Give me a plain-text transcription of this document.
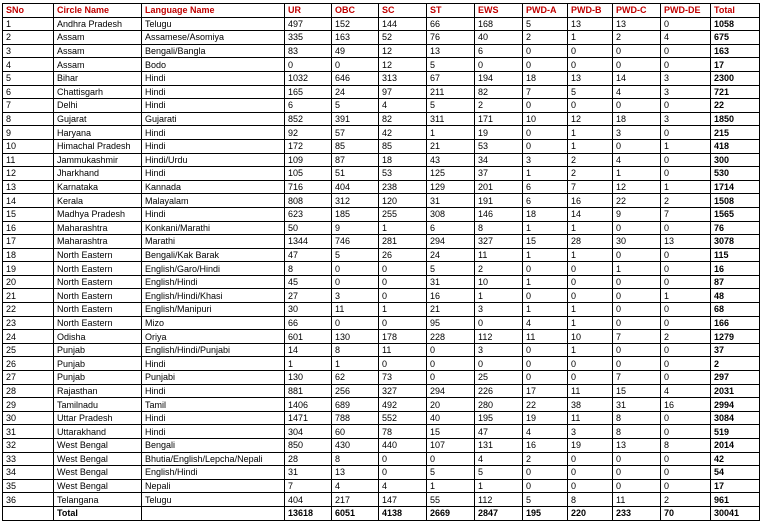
SNo	Circle Name	Language Name	UR	OBC	SC	ST	EWS	PWD-A	PWD-B	PWD-C	PWD-DE	Total
1	Andhra Pradesh	Telugu	497	152	144	66	168	5	13	13	0	1058
2	Assam	Assamese/Asomiya	335	163	52	76	40	2	1	2	4	675
3	Assam	Bengali/Bangla	83	49	12	13	6	0	0	0	0	163
4	Assam	Bodo	0	0	12	5	0	0	0	0	0	17
5	Bihar	Hindi	1032	646	313	67	194	18	13	14	3	2300
6	Chattisgarh	Hindi	165	24	97	211	82	7	5	4	3	721
7	Delhi	Hindi	6	5	4	5	2	0	0	0	0	22
8	Gujarat	Gujarati	852	391	82	311	171	10	12	18	3	1850
9	Haryana	Hindi	92	57	42	1	19	0	1	3	0	215
10	Himachal Pradesh	Hindi	172	85	85	21	53	0	1	0	1	418
11	Jammukashmir	Hindi/Urdu	109	87	18	43	34	3	2	4	0	300
12	Jharkhand	Hindi	105	51	53	125	37	1	2	1	0	530
13	Karnataka	Kannada	716	404	238	129	201	6	7	12	1	1714
14	Kerala	Malayalam	808	312	120	31	191	6	16	22	2	1508
15	Madhya Pradesh	Hindi	623	185	255	308	146	18	14	9	7	1565
16	Maharashtra	Konkani/Marathi	50	9	1	6	8	1	1	0	0	76
17	Maharashtra	Marathi	1344	746	281	294	327	15	28	30	13	3078
18	North Eastern	Bengali/Kak Barak	47	5	26	24	11	1	1	0	0	115
19	North Eastern	English/Garo/Hindi	8	0	0	5	2	0	0	1	0	16
20	North Eastern	English/Hindi	45	0	0	31	10	1	0	0	0	87
21	North Eastern	English/Hindi/Khasi	27	3	0	16	1	0	0	0	1	48
22	North Eastern	English/Manipuri	30	11	1	21	3	1	1	0	0	68
23	North Eastern	Mizo	66	0	0	95	0	4	1	0	0	166
24	Odisha	Oriya	601	130	178	228	112	11	10	7	2	1279
25	Punjab	English/Hindi/Punjabi	14	8	11	0	3	0	1	0	0	37
26	Punjab	Hindi	1	1	0	0	0	0	0	0	0	2
27	Punjab	Punjabi	130	62	73	0	25	0	0	7	0	297
28	Rajasthan	Hindi	881	256	327	294	226	17	11	15	4	2031
29	Tamilnadu	Tamil	1406	689	492	20	280	22	38	31	16	2994
30	Uttar Pradesh	Hindi	1471	788	552	40	195	19	11	8	0	3084
31	Uttarakhand	Hindi	304	60	78	15	47	4	3	8	0	519
32	West Bengal	Bengali	850	430	440	107	131	16	19	13	8	2014
33	West Bengal	Bhutia/English/Lepcha/Nepali	28	8	0	0	4	2	0	0	0	42
34	West Bengal	English/Hindi	31	13	0	5	5	0	0	0	0	54
35	West Bengal	Nepali	7	4	4	1	1	0	0	0	0	17
36	Telangana	Telugu	404	217	147	55	112	5	8	11	2	961
	Total		13618	6051	4138	2669	2847	195	220	233	70	30041
